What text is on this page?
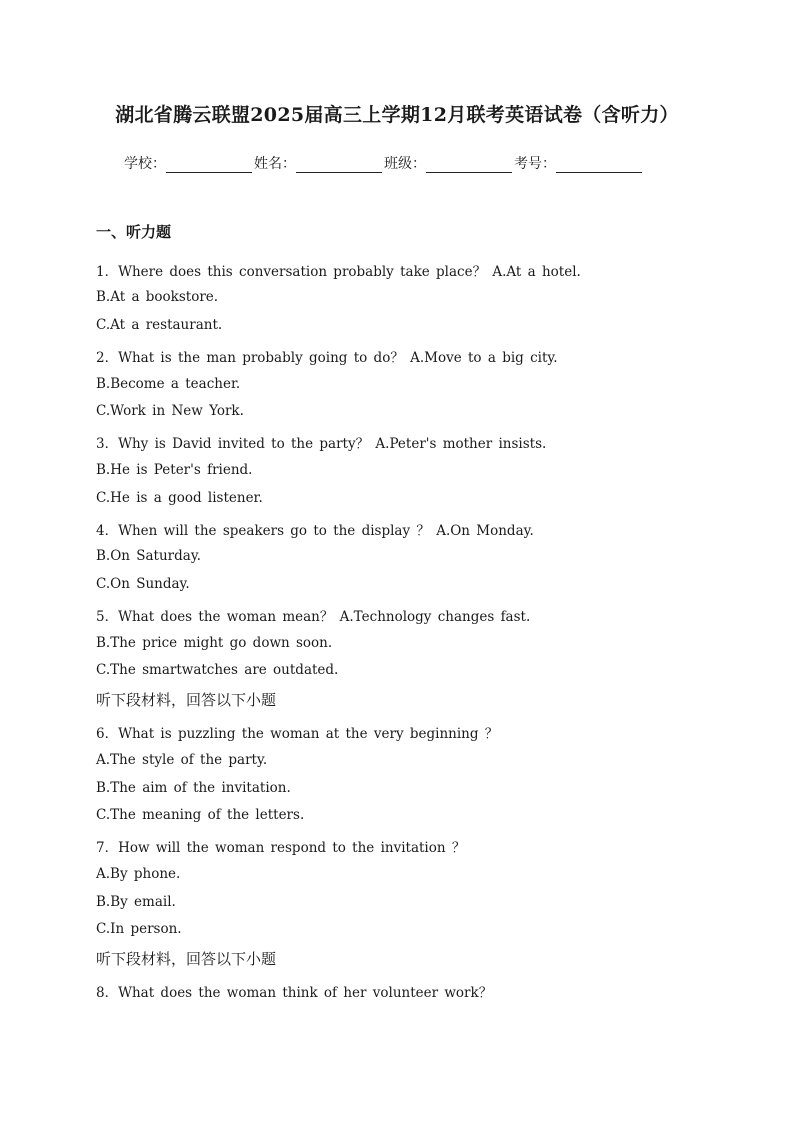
湖北省腾云联盟2025届高三上学期12月联考英语试卷（含听力）
学校：	姓名：	班级：	考号：
一、听力题
1．Where does this conversation probably take place？ A.At a hotel.
B.At a bookstore.
C.At a restaurant.
2．What is the man probably going to do？ A.Move to a big city.
B.Become a teacher.
C.Work in New York.
3．Why is David invited to the party？ A.Peter's mother insists.
B.He is Peter's friend.
C.He is a good listener.
4．When will the speakers go to the display ？ A.On Monday.
B.On Saturday.
C.On Sunday.
5．What does the woman mean？ A.Technology changes fast.
B.The price might go down soon.
C.The smartwatches are outdated.
听下段材料，回答以下小题
6．What is puzzling the woman at the very beginning ？
A.The style of the party.
B.The aim of the invitation.
C.The meaning of the letters.
7．How will the woman respond to the invitation ？
A.By phone.
B.By email.
C.In person.
听下段材料，回答以下小题
8．What does the woman think of her volunteer work？
